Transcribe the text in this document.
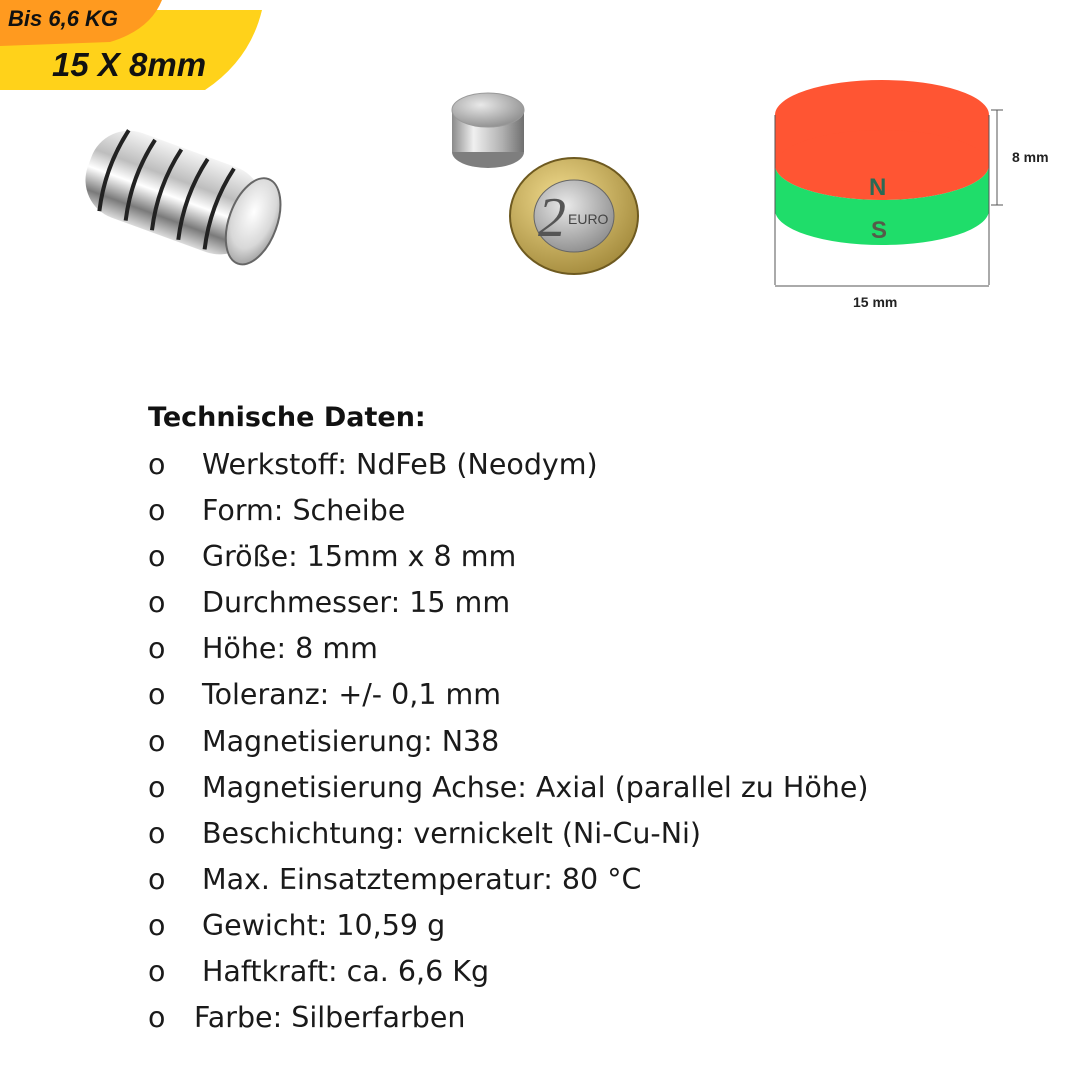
Bis 6,6 KG
15 X 8mm
2 EURO
N
S
8 mm
15 mm
Technische Daten:
o Werkstoff: NdFeB (Neodym)
o Form: Scheibe
o Größe: 15mm x 8 mm
o Durchmesser: 15 mm
o Höhe: 8 mm
o Toleranz: +/- 0,1 mm
o Magnetisierung: N38
o Magnetisierung Achse: Axial (parallel zu Höhe)
o Beschichtung: vernickelt (Ni-Cu-Ni)
o Max. Einsatztemperatur: 80 °C
o Gewicht: 10,59 g
o Haftkraft: ca. 6,6 Kg
o Farbe: Silberfarben
